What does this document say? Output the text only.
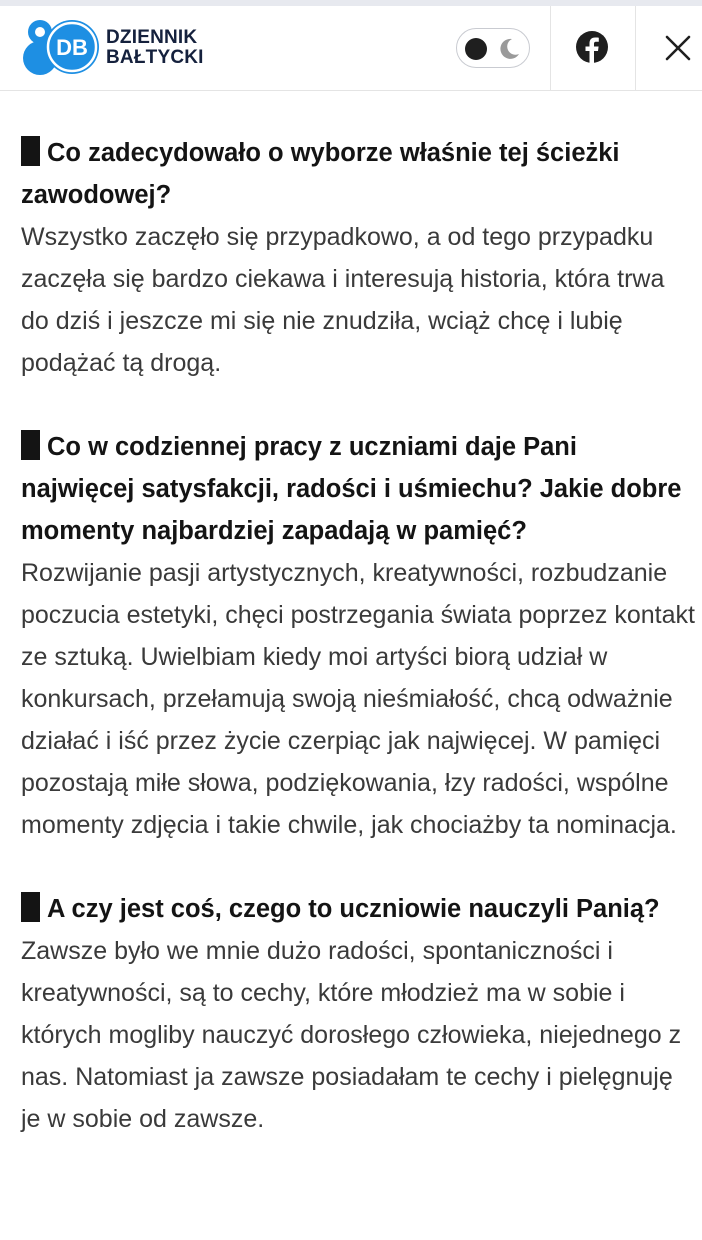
DB DZIENNIK
BAŁTYCKI
Co zadecydowało o wyborze właśnie tej ścieżki zawodowej?

Wszystko zaczęło się przypadkowo, a od tego przypadku zaczęła się bardzo ciekawa i interesują historia, która trwa do dziś i jeszcze mi się nie znudziła, wciąż chcę i lubię podążać tą drogą.

Co w codziennej pracy z uczniami daje Pani najwięcej satysfakcji, radości i uśmiechu? Jakie dobre momenty najbardziej zapadają w pamięć?

Rozwijanie pasji artystycznych, kreatywności, rozbudzanie poczucia estetyki, chęci postrzegania świata poprzez kontakt ze sztuką. Uwielbiam kiedy moi artyści biorą udział w konkursach, przełamują swoją nieśmiałość, chcą odważnie działać i iść przez życie czerpiąc jak najwięcej. W pamięci pozostają miłe słowa, podziękowania, łzy radości, wspólne momenty zdjęcia i takie chwile, jak chociażby ta nominacja.

A czy jest coś, czego to uczniowie nauczyli Panią?

Zawsze było we mnie dużo radości, spontaniczności i kreatywności, są to cechy, które młodzież ma w sobie i których mogliby nauczyć dorosłego człowieka, niejednego z nas. Natomiast ja zawsze posiadałam te cechy i pielęgnuję je w sobie od zawsze.
